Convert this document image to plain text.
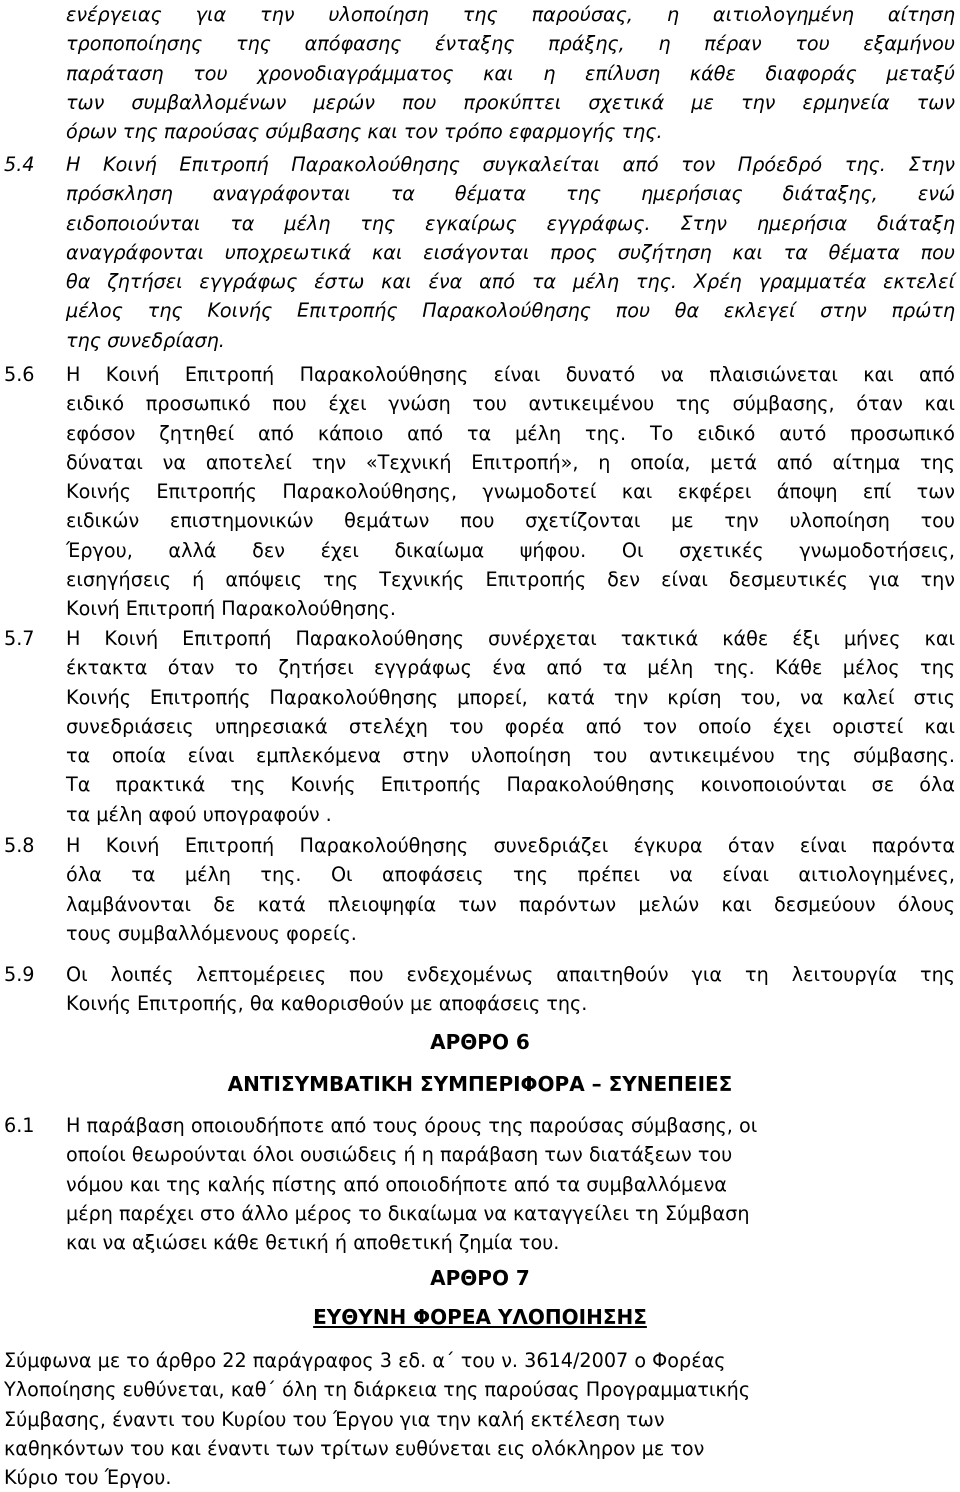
ενέργειας για την υλοποίηση της παρούσας, η αιτιολογημένη αίτηση
τροποποίησης της απόφασης ένταξης πράξης, η πέραν του εξαμήνου
παράταση του χρονοδιαγράμματος και η επίλυση κάθε διαφοράς μεταξύ
των συμβαλλομένων μερών που προκύπτει σχετικά με την ερμηνεία των
όρων της παρούσας σύμβασης και τον τρόπο εφαρμογής της.
5.4	Η Κοινή Επιτροπή Παρακολούθησης συγκαλείται από τον Πρόεδρό της. Στην
πρόσκληση αναγράφονται τα θέματα της ημερήσιας διάταξης, ενώ
ειδοποιούνται τα μέλη της εγκαίρως εγγράφως. Στην ημερήσια διάταξη
αναγράφονται υποχρεωτικά και εισάγονται προς συζήτηση και τα θέματα που
θα ζητήσει εγγράφως έστω και ένα από τα μέλη της. Χρέη γραμματέα εκτελεί
μέλος της Κοινής Επιτροπής Παρακολούθησης που θα εκλεγεί στην πρώτη
της συνεδρίαση.
5.6	Η Κοινή Επιτροπή Παρακολούθησης είναι δυνατό να πλαισιώνεται και από
ειδικό προσωπικό που έχει γνώση του αντικειμένου της σύμβασης, όταν και
εφόσον ζητηθεί από κάποιο από τα μέλη της. Το ειδικό αυτό προσωπικό
δύναται να αποτελεί την «Τεχνική Επιτροπή», η οποία, μετά από αίτημα της
Κοινής Επιτροπής Παρακολούθησης, γνωμοδοτεί και εκφέρει άποψη επί των
ειδικών επιστημονικών θεμάτων που σχετίζονται με την υλοποίηση του
Έργου, αλλά δεν έχει δικαίωμα ψήφου. Οι σχετικές γνωμοδοτήσεις,
εισηγήσεις ή απόψεις της Τεχνικής Επιτροπής δεν είναι δεσμευτικές για την
Κοινή Επιτροπή Παρακολούθησης.
5.7	Η Κοινή Επιτροπή Παρακολούθησης συνέρχεται τακτικά κάθε έξι μήνες και
έκτακτα όταν το ζητήσει εγγράφως ένα από τα μέλη της. Κάθε μέλος της
Κοινής Επιτροπής Παρακολούθησης μπορεί, κατά την κρίση του, να καλεί στις
συνεδριάσεις υπηρεσιακά στελέχη του φορέα από τον οποίο έχει οριστεί και
τα οποία είναι εμπλεκόμενα στην υλοποίηση του αντικειμένου της σύμβασης.
Τα πρακτικά της Κοινής Επιτροπής Παρακολούθησης κοινοποιούνται σε όλα
τα μέλη αφού υπογραφούν .
5.8	Η Κοινή Επιτροπή Παρακολούθησης συνεδριάζει έγκυρα όταν είναι παρόντα
όλα τα μέλη της. Οι αποφάσεις της πρέπει να είναι αιτιολογημένες,
λαμβάνονται δε κατά πλειοψηφία των παρόντων μελών και δεσμεύουν όλους
τους συμβαλλόμενους φορείς.
5.9	Οι λοιπές λεπτομέρειες που ενδεχομένως απαιτηθούν για τη λειτουργία της
Κοινής Επιτροπής, θα καθορισθούν με αποφάσεις της.
ΑΡΘΡΟ 6
ΑΝΤΙΣΥΜΒΑΤΙΚΗ ΣΥΜΠΕΡΙΦΟΡΑ – ΣΥΝΕΠΕΙΕΣ
6.1	Η παράβαση οποιουδήποτε από τους όρους της παρούσας σύμβασης, οι
οποίοι θεωρούνται όλοι ουσιώδεις ή η παράβαση των διατάξεων του
νόμου και της καλής πίστης από οποιοδήποτε από τα συμβαλλόμενα
μέρη παρέχει στο άλλο μέρος το δικαίωμα να καταγγείλει τη Σύμβαση
και να αξιώσει κάθε θετική ή αποθετική ζημία του.
ΑΡΘΡΟ 7
ΕΥΘΥΝΗ ΦΟΡΕΑ ΥΛΟΠΟΙΗΣΗΣ
Σύμφωνα με το άρθρο 22 παράγραφος 3 εδ. α΄ του ν. 3614/2007 ο Φορέας
Υλοποίησης ευθύνεται, καθ΄ όλη τη διάρκεια της παρούσας Προγραμματικής
Σύμβασης, έναντι του Κυρίου του Έργου για την καλή εκτέλεση των
καθηκόντων του και έναντι των τρίτων ευθύνεται εις ολόκληρον με τον
Κύριο του Έργου.
